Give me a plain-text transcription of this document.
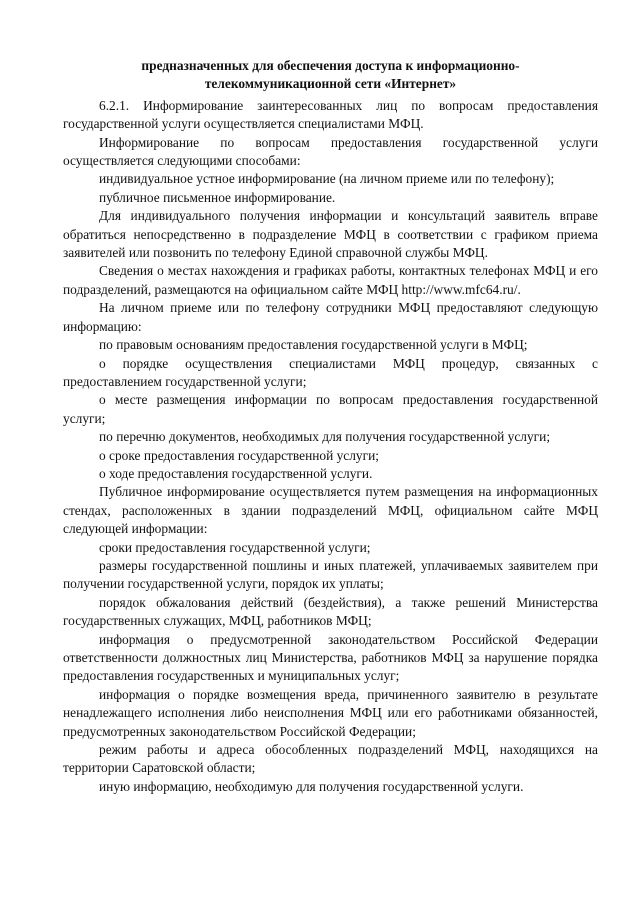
предназначенных для обеспечения доступа к информационно-
телекоммуникационной сети «Интернет»

6.2.1. Информирование заинтересованных лиц по вопросам предоставления государственной услуги осуществляется специалистами МФЦ.

Информирование по вопросам предоставления государственной услуги осуществляется следующими способами:

индивидуальное устное информирование (на личном приеме или по телефону);

публичное письменное информирование.

Для индивидуального получения информации и консультаций заявитель вправе обратиться непосредственно в подразделение МФЦ в соответствии с графиком приема заявителей или позвонить по телефону Единой справочной службы МФЦ.

Сведения о местах нахождения и графиках работы, контактных телефонах МФЦ и его подразделений, размещаются на официальном сайте МФЦ http://www.mfc64.ru/.

На личном приеме или по телефону сотрудники МФЦ предоставляют следующую информацию:

по правовым основаниям предоставления государственной услуги в МФЦ;

о порядке осуществления специалистами МФЦ процедур, связанных с предоставлением государственной услуги;

о месте размещения информации по вопросам предоставления государственной услуги;

по перечню документов, необходимых для получения государственной услуги;

о сроке предоставления государственной услуги;

о ходе предоставления государственной услуги.

Публичное информирование осуществляется путем размещения на информационных стендах, расположенных в здании подразделений МФЦ, официальном сайте МФЦ следующей информации:

сроки предоставления государственной услуги;

размеры государственной пошлины и иных платежей, уплачиваемых заявителем при получении государственной услуги, порядок их уплаты;

порядок обжалования действий (бездействия), а также решений Министерства государственных служащих, МФЦ, работников МФЦ;

информация о предусмотренной законодательством Российской Федерации ответственности должностных лиц Министерства, работников МФЦ за нарушение порядка предоставления государственных и муниципальных услуг;

информация о порядке возмещения вреда, причиненного заявителю в результате ненадлежащего исполнения либо неисполнения МФЦ или его работниками обязанностей, предусмотренных законодательством Российской Федерации;

режим работы и адреса обособленных подразделений МФЦ, находящихся на территории Саратовской области;

иную информацию, необходимую для получения государственной услуги.
